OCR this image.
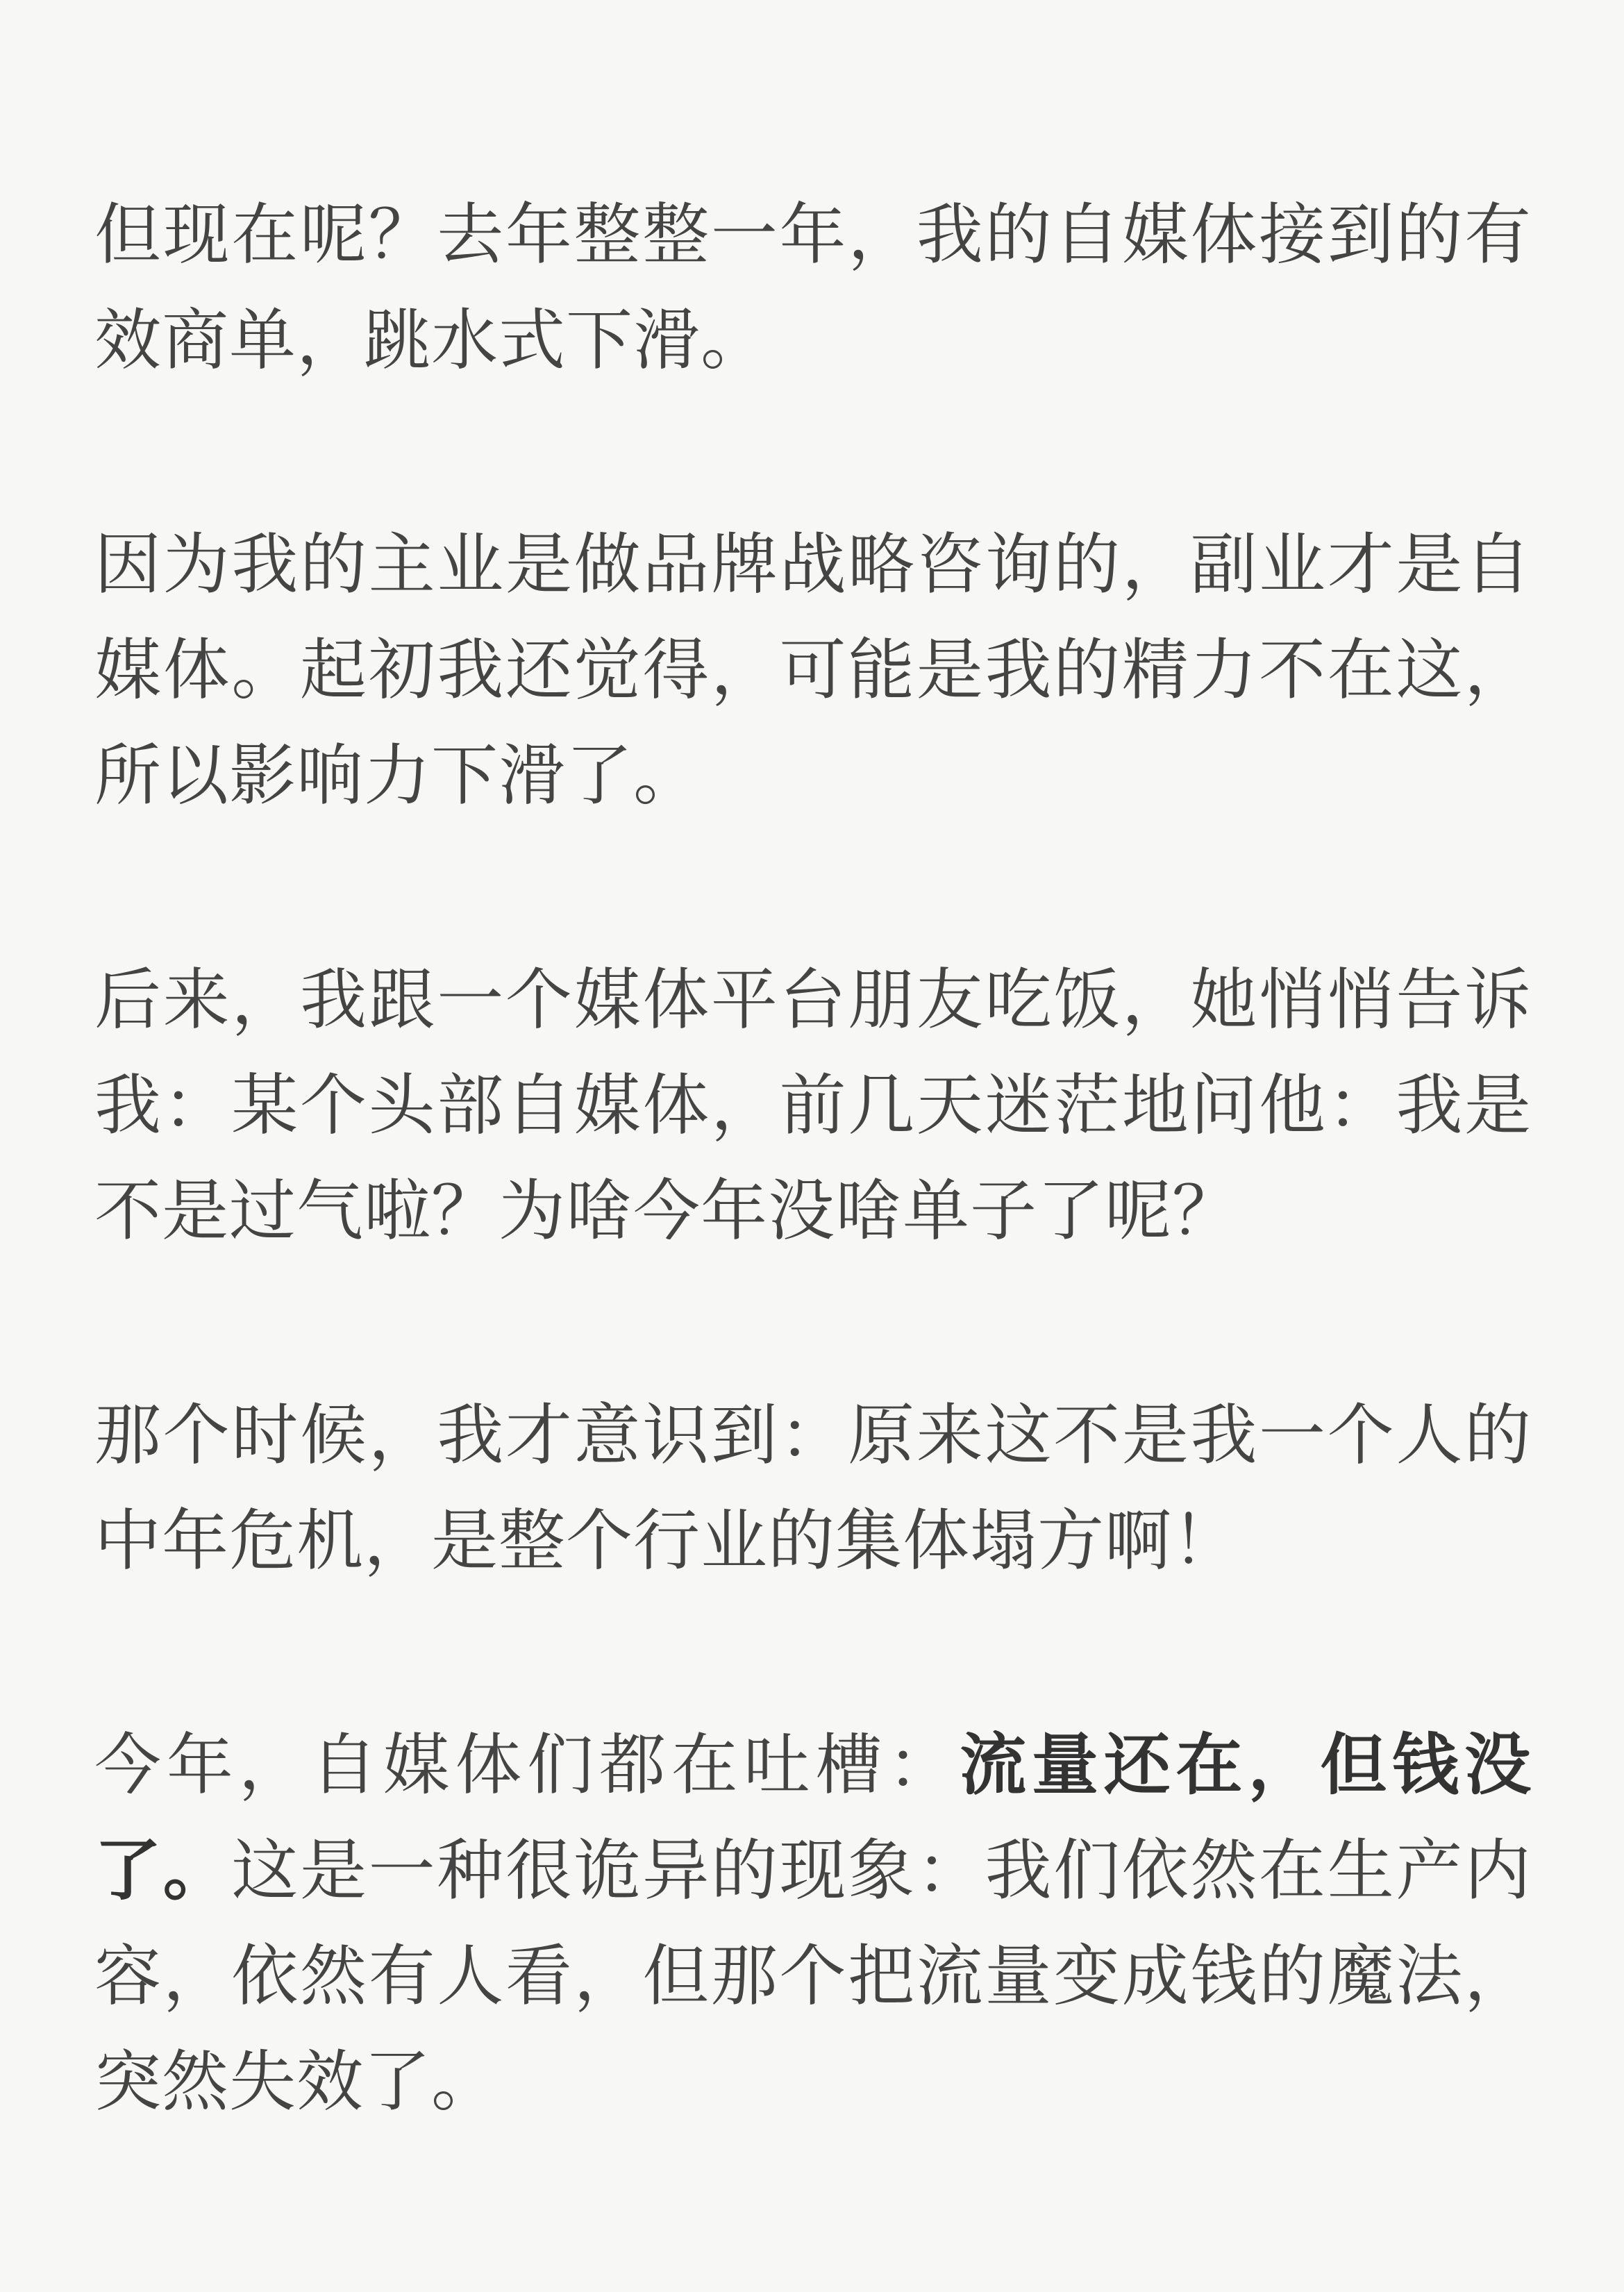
但现在呢？去年整整一年，我的自媒体接到的有效商单，跳水式下滑。

因为我的主业是做品牌战略咨询的，副业才是自媒体。起初我还觉得，可能是我的精力不在这，所以影响力下滑了。

后来，我跟一个媒体平台朋友吃饭，她悄悄告诉我：某个头部自媒体，前几天迷茫地问他：我是不是过气啦？为啥今年没啥单子了呢？

那个时候，我才意识到：原来这不是我一个人的中年危机，是整个行业的集体塌方啊！

今年，自媒体们都在吐槽：流量还在，但钱没了。这是一种很诡异的现象：我们依然在生产内容，依然有人看，但那个把流量变成钱的魔法，突然失效了。
